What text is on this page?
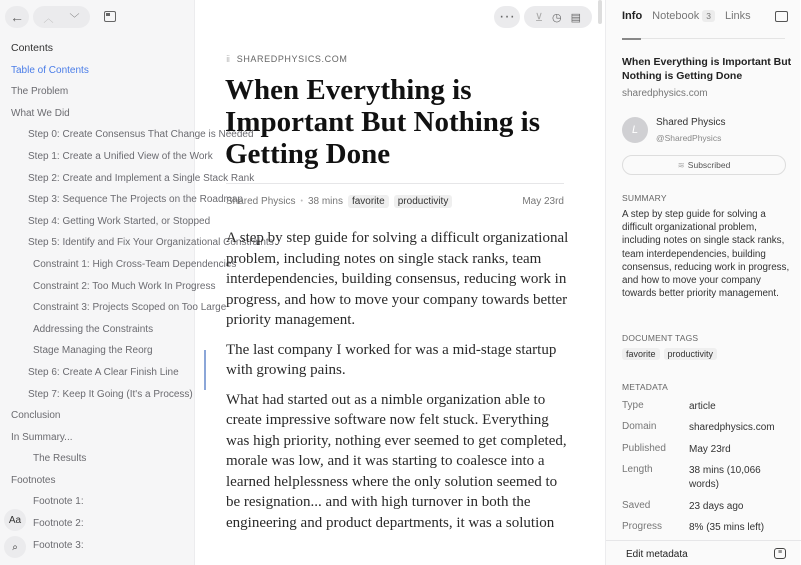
← ︿ ﹀
Contents
Table of Contents
The Problem
What We Did
Step 0: Create Consensus That Change is Needed
Step 1: Create a Unified View of the Work
Step 2: Create and Implement a Single Stack Rank
Step 3: Sequence The Projects on the Roadmap
Step 4: Getting Work Started, or Stopped
Step 5: Identify and Fix Your Organizational Constraints
Constraint 1: High Cross-Team Dependencies
Constraint 2: Too Much Work In Progress
Constraint 3: Projects Scoped on Too Large
Addressing the Constraints
Stage Managing the Reorg
Step 6: Create A Clear Finish Line
Step 7: Keep It Going (It's a Process)
Conclusion
In Summary...
The Results
Footnotes
Footnote 1:
Footnote 2:
Footnote 3:
Aa
⌕
···	⊻ ◷ ▤
ⅱ SHAREDPHYSICS.COM
When Everything is Important But Nothing is Getting Done
Shared Physics • 38 mins favorite	productivity	May 23rd

A step by step guide for solving a difficult organizational problem, including notes on single stack ranks, team interdependencies, building consensus, reducing work in progress, and how to move your company towards better priority management.

The last company I worked for was a mid-stage startup with growing pains.

What had started out as a nimble organization able to create impressive software now felt stuck. Everything was high priority, nothing ever seemed to get completed, morale was low, and it was starting to coalesce into a learned helplessness where the only solution seemed to be resignation... and with high turnover in both the engineering and product departments, it was a solution

Info Notebook 3	Links
When Everything is Important But Nothing is Getting Done
sharedphysics.com
L
Shared Physics
@SharedPhysics
≋ Subscribed
SUMMARY
A step by step guide for solving a difficult organizational problem, including notes on single stack ranks, team interdependencies, building consensus, reducing work in progress, and how to move your company towards better priority management.
DOCUMENT TAGS
favorite	productivity
METADATA
Type	article
Domain	sharedphysics.com
Published	May 23rd
Length	38 mins (10,066 words)
Saved	23 days ago
Progress	8% (35 mins left)
Edit metadata	≡
